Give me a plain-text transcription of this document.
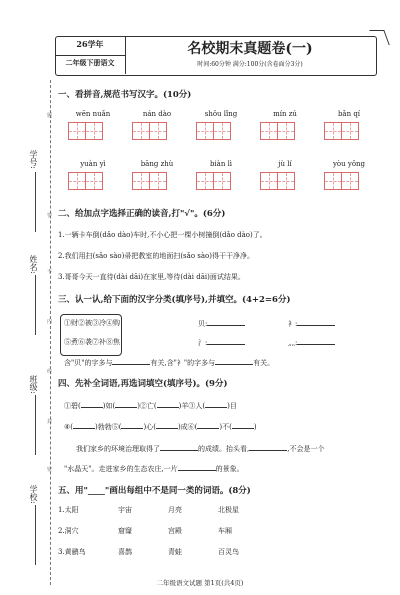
26学年
二年级下册语文
名校期末真题卷(一)
时间:60分钟 满分:100分(含卷面分3分)
学号:
姓名:
班级:
学校:
题
要
不
内
线
封
密
一、看拼音,规范书写汉字。(10分)
wēn nuǎn	nán dào	shǒu lǐng	mín zú	bǎn qí
yuàn yì	bāng zhù	biàn lì	jù lí	yòu yǒng
二、给加点字选择正确的读音,打"√"。(6分)
1.一辆卡车倒(dǎo dào)车时,不小心把一棵小树撞倒(dǎo dào)了。
2.我们用扫(sǎo sào)帚把教室的地面扫(sǎo sào)得干干净净。
3.哥哥今天一直待(dài dāi)在家里,等待(dài dāi)面试结果。
三、认一认,给下面的汉字分类(填序号),并填空。(4+2=6分)
①财 ②被 ③冷 ④购
⑤煮 ⑥袭 ⑦补 ⑧焦
贝:	衤:
氵:	灬:
含"贝"的字多与	有关,含"衤"的字多与	有关。
四、先补全词语,再选词填空(填序号)。(9分)
①碧(	)如(	)②亡(	)羊③人(	)目
④(	)勃勃⑤(	)心(	)成⑥(	)不(	)
我们家乡的环境治理取得了	的成绩。抬头看,	,不会是一个
"水晶天"。走进家乡的生态农庄,一片	的景象。
五、用"____"画出每组中不是同一类的词语。(8分)
1.太阳	宇宙	月亮	北极星
2.洞穴	窟窿	宫殿	车厢
3.黄鹂鸟	喜鹊	青蛙	百灵鸟
二年级语文试题 第1页(共4页)
